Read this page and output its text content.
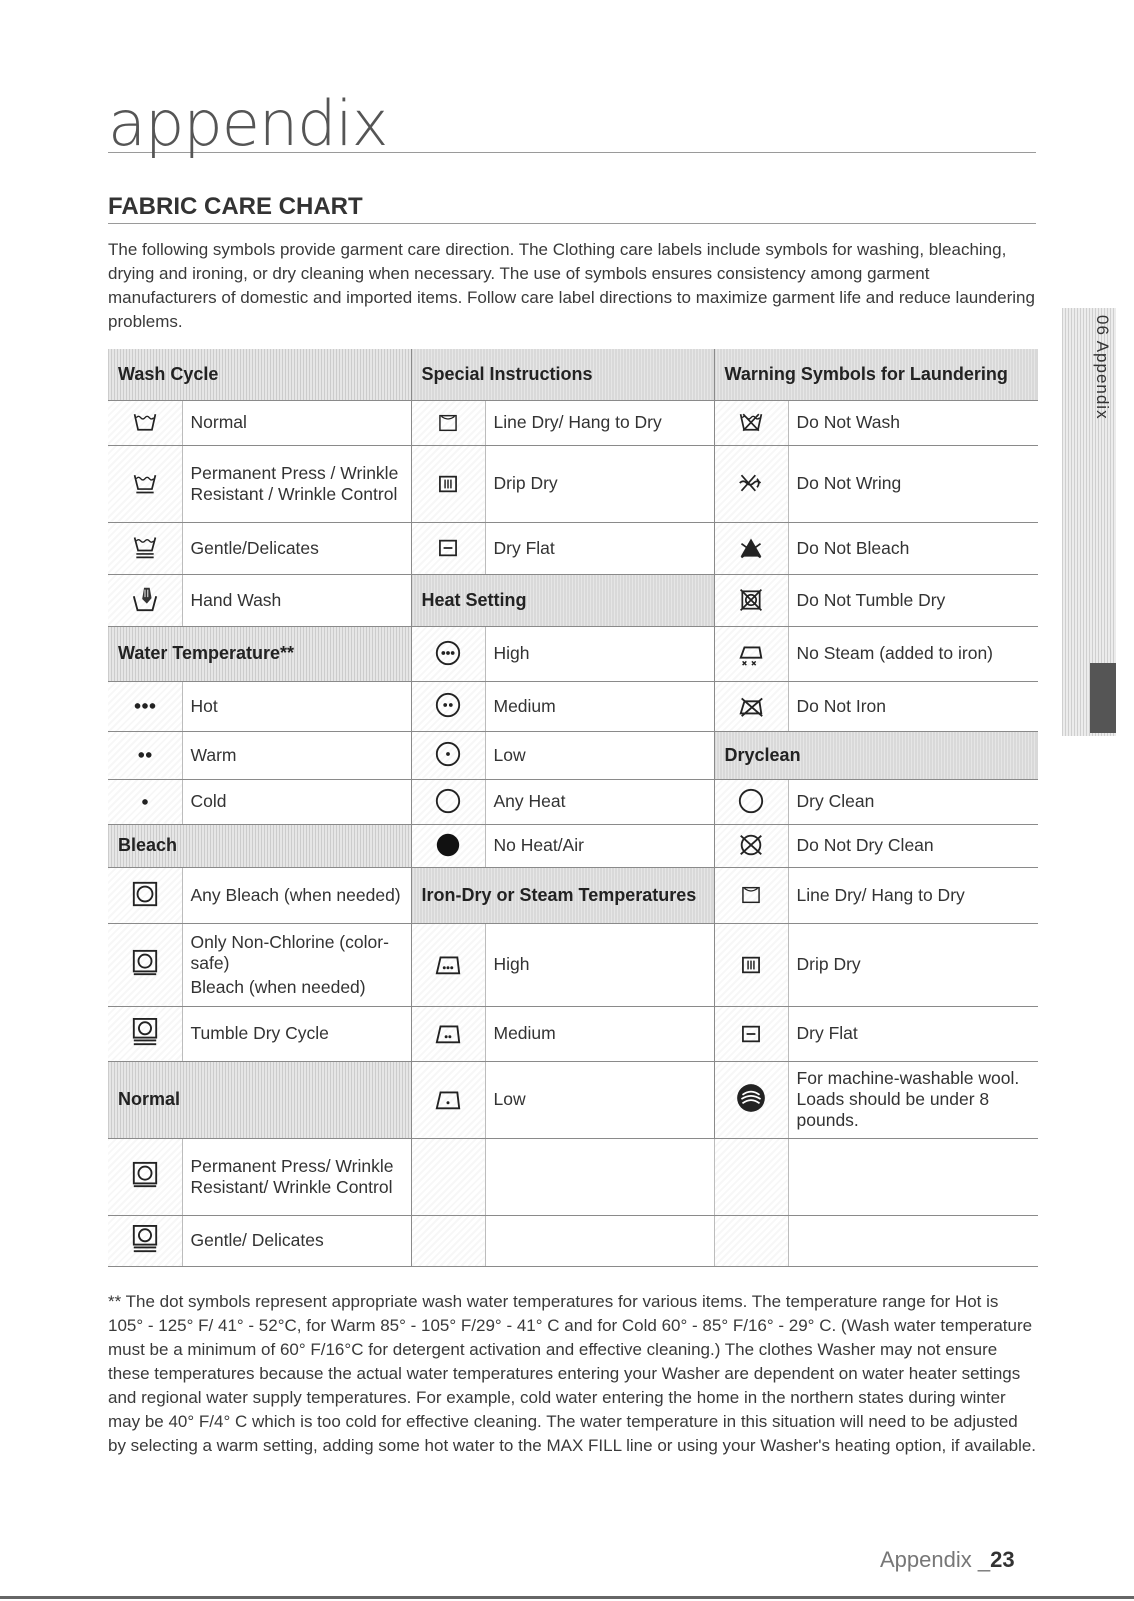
appendix
FABRIC CARE CHART

The following symbols provide garment care direction. The Clothing care labels include symbols for washing, bleaching, drying and ironing, or dry cleaning when necessary. The use of symbols ensures consistency among garment manufacturers of domestic and imported items. Follow care label directions to maximize garment life and reduce laundering problems.	06 Appendix
Wash Cycle		Special Instructions		Warning Symbols for Laundering	

	Normal		Line Dry/ Hang to Dry		Do Not Wash

	Permanent Press / Wrinkle Resistant / Wrinkle Control		Drip Dry		Do Not Wring

	Gentle/Delicates		Dry Flat		Do Not Bleach

	Hand Wash	Heat Setting			Do Not Tumble Dry
Water Temperature**			High		No Steam (added to iron)

	Hot		Medium		Do Not Iron

	Warm		Low	Dryclean	

	Cold		Any Heat		Dry Clean
Bleach			No Heat/Air		Do Not Dry Clean

	Any Bleach (when needed)	Iron-Dry or Steam Temperatures			Line Dry/ Hang to Dry

Only Non-Chlorine (color-safe)
Bleach (when needed)		High		Drip Dry

	Tumble Dry Cycle		Medium		Dry Flat
Normal			Low		For machine-washable wool. Loads should be under 8 pounds.

	Permanent Press/ Wrinkle Resistant/ Wrinkle Control				

	Gentle/ Delicates				

** The dot symbols represent appropriate wash water temperatures for various items. The temperature range for Hot is 105° - 125° F/ 41° - 52°C, for Warm 85° - 105° F/29° - 41° C and for Cold 60° - 85° F/16° - 29° C. (Wash water temperature must be a minimum of 60° F/16°C for detergent activation and effective cleaning.) The clothes Washer may not ensure these temperatures because the actual water temperatures entering your Washer are dependent on water heater settings and regional water supply temperatures. For example, cold water entering the home in the northern states during winter may be 40° F/4° C which is too cold for effective cleaning. The water temperature in this situation will need to be adjusted by selecting a warm setting, adding some hot water to the MAX FILL line or using your Washer's heating option, if available.

Appendix _23
